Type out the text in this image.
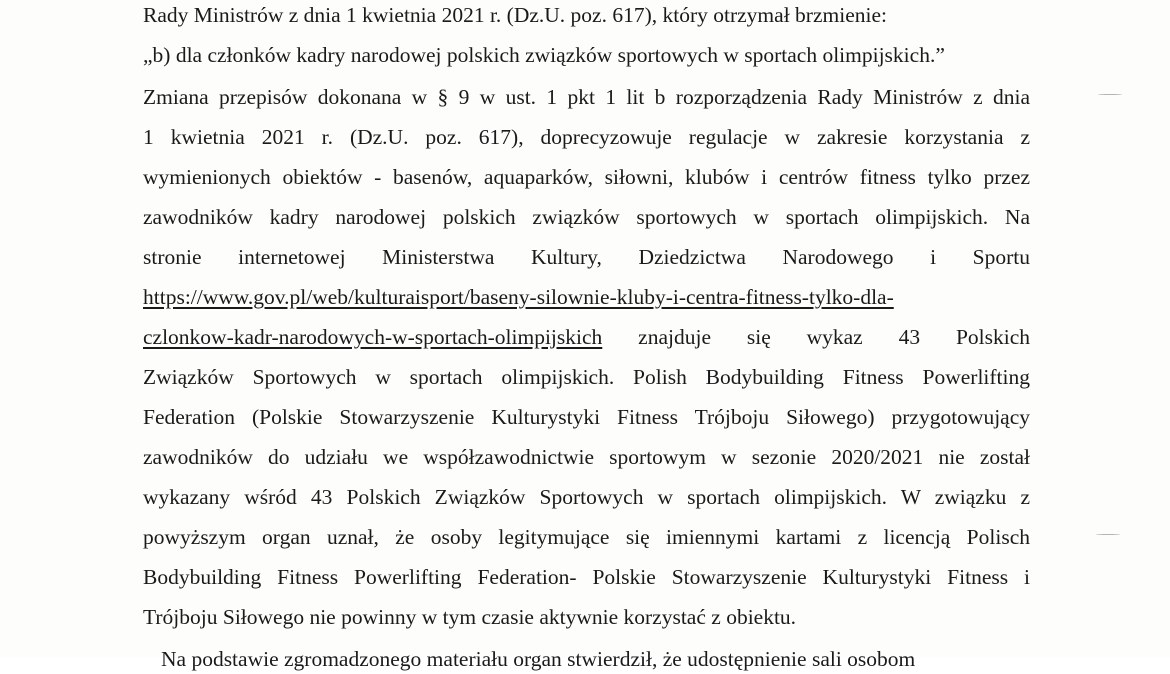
Rady Ministrów z dnia 1 kwietnia 2021 r. (Dz.U. poz. 617), który otrzymał brzmienie:
„b) dla członków kadry narodowej polskich związków sportowych w sportach olimpijskich.”
Zmiana przepisów dokonana w § 9 w ust. 1 pkt 1 lit b rozporządzenia Rady Ministrów z dnia
1 kwietnia 2021 r. (Dz.U. poz. 617), doprecyzowuje regulacje w zakresie korzystania z
wymienionych obiektów - basenów, aquaparków, siłowni, klubów i centrów fitness tylko przez
zawodników kadry narodowej polskich związków sportowych w sportach olimpijskich. Na
stronie internetowej Ministerstwa Kultury, Dziedzictwa Narodowego i Sportu
https://www.gov.pl/web/kulturaisport/baseny-silownie-kluby-i-centra-fitness-tylko-dla-
czlonkow-kadr-narodowych-w-sportach-olimpijskich znajduje się wykaz 43 Polskich
Związków Sportowych w sportach olimpijskich. Polish Bodybuilding Fitness Powerlifting
Federation (Polskie Stowarzyszenie Kulturystyki Fitness Trójboju Siłowego) przygotowujący
zawodników do udziału we współzawodnictwie sportowym w sezonie 2020/2021 nie został
wykazany wśród 43 Polskich Związków Sportowych w sportach olimpijskich. W związku z
powyższym organ uznał, że osoby legitymujące się imiennymi kartami z licencją Polisch
Bodybuilding Fitness Powerlifting Federation- Polskie Stowarzyszenie Kulturystyki Fitness i
Trójboju Siłowego nie powinny w tym czasie aktywnie korzystać z obiektu.
Na podstawie zgromadzonego materiału organ stwierdził, że udostępnienie sali osobom
